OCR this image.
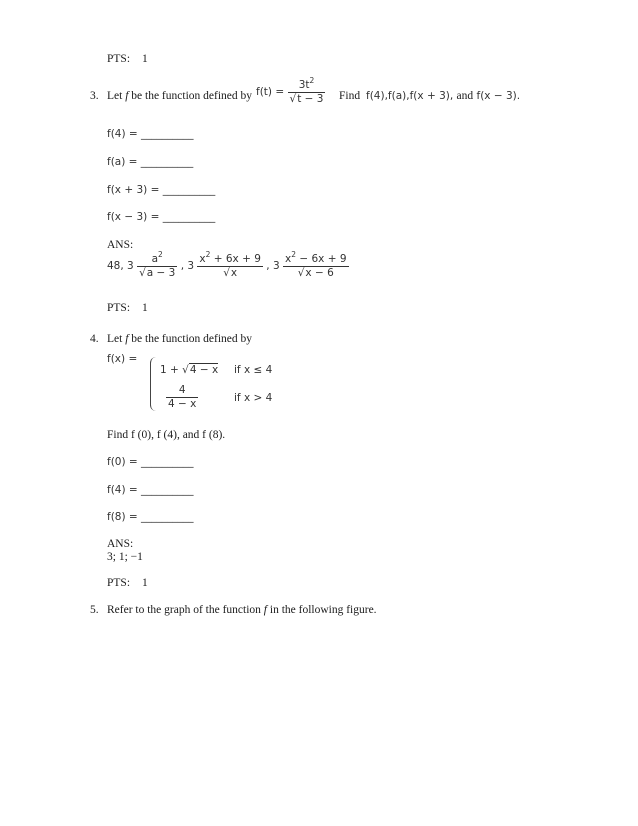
PTS: 1
3. Let f be the function defined by $f(t) = \frac{3t^2}{√t - 3}$ Find f(4),f(a),f(x + 3), and f(x − 3).
f(4) = __________
f(a) = __________
f(x + 3) = __________
f(x − 3) = __________
ANS:
48, $3 \frac{a^2}{√a - 3}$ , $3 \frac{x^2 + 6x + 9}{√x}$ , $3 \frac{x^2 - 6x + 9}{√x - 6}$
PTS: 1
4. Let f be the function defined by
f(x) =
1 + √4 − x if x ≤ 4
$\frac{4}{4 - x}$	if x > 4
Find f (0), f (4), and f (8).
f(0) = __________
f(4) = __________
f(8) = __________
ANS:
3; 1; −1
PTS: 1
5. Refer to the graph of the function f in the following figure.
